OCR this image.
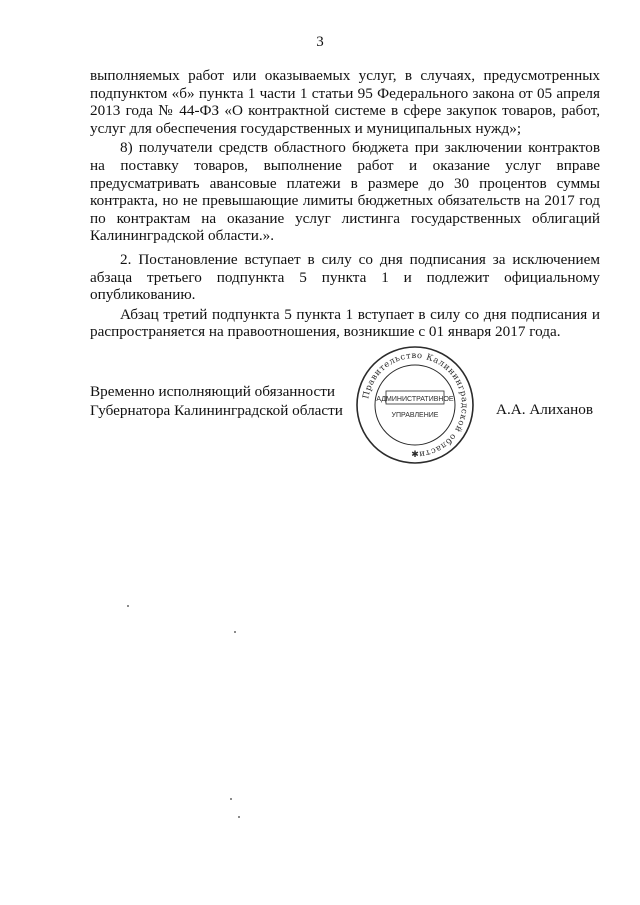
3

выполняемых работ или оказываемых услуг, в случаях, предусмотренных подпунктом «б» пункта 1 части 1 статьи 95 Федерального закона от 05 апреля 2013 года № 44-ФЗ «О контрактной системе в сфере закупок товаров, работ, услуг для обеспечения государственных и муниципальных нужд»;

8) получатели средств областного бюджета при заключении контрактов на поставку товаров, выполнение работ и оказание услуг вправе предусматривать авансовые платежи в размере до 30 процентов суммы контракта, но не превышающие лимиты бюджетных обязательств на 2017 год по контрактам на оказание услуг листинга государственных облигаций Калининградской области.».

2. Постановление вступает в силу со дня подписания за исключением абзаца третьего подпункта 5 пункта 1 и подлежит официальному опубликованию.

Абзац третий подпункта 5 пункта 1 вступает в силу со дня подписания и распространяется на правоотношения, возникшие с 01 января 2017 года.

Временно исполняющий обязанности
Губернатора Калининградской области	А.А. Алиханов
Правительство Калининградской области
АДМИНИСТРАТИВНОЕ
УПРАВЛЕНИЕ
✱
